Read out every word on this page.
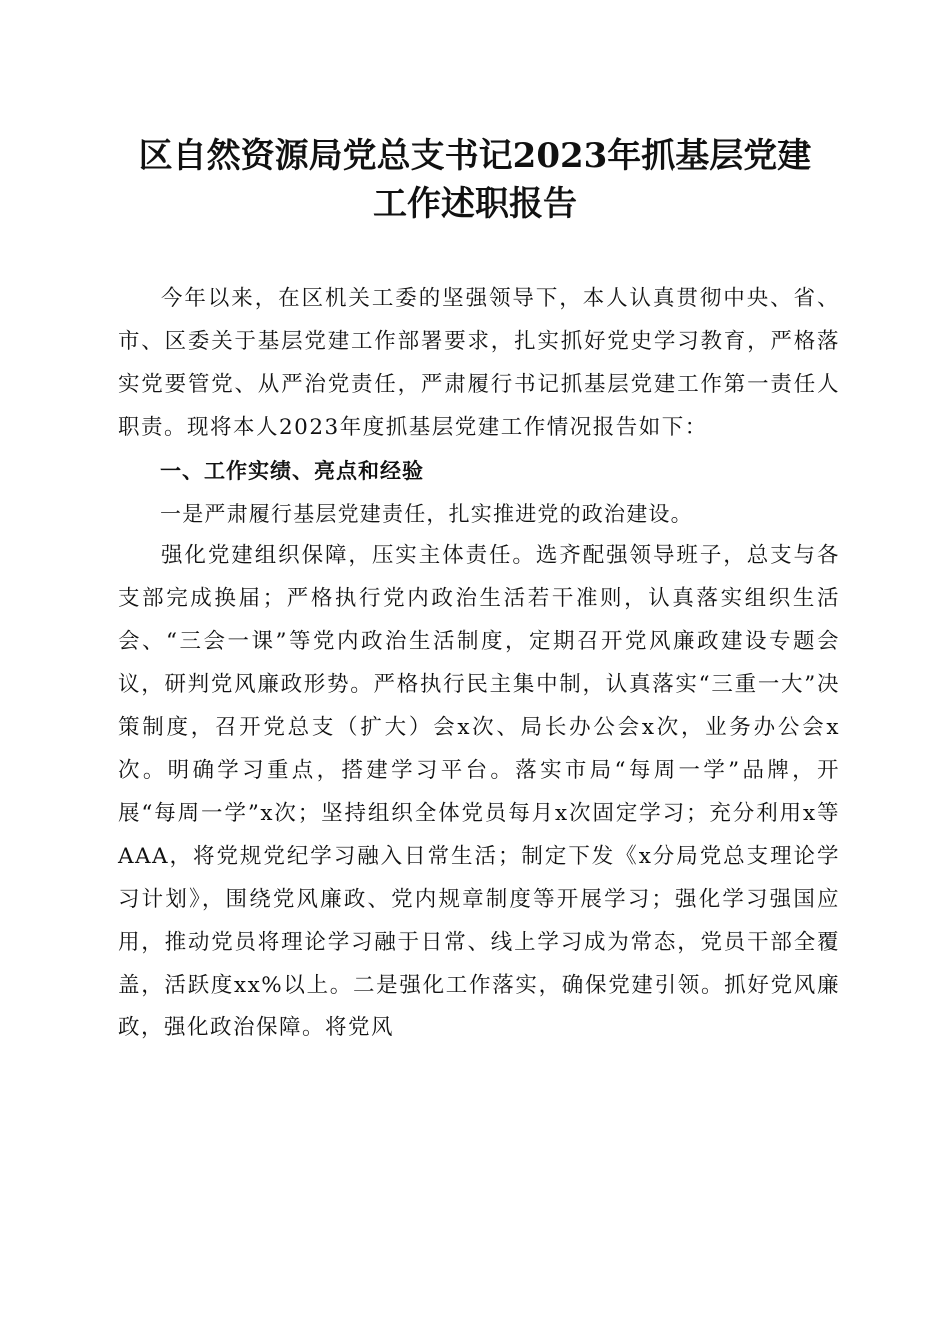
区自然资源局党总支书记2023年抓基层党建
工作述职报告

今年以来，在区机关工委的坚强领导下，本人认真贯彻中央、省、市、区委关于基层党建工作部署要求，扎实抓好党史学习教育，严格落实党要管党、从严治党责任，严肃履行书记抓基层党建工作第一责任人职责。现将本人2023年度抓基层党建工作情况报告如下：

一、工作实绩、亮点和经验

一是严肃履行基层党建责任，扎实推进党的政治建设。

强化党建组织保障，压实主体责任。选齐配强领导班子，总支与各支部完成换届；严格执行党内政治生活若干准则，认真落实组织生活会、“三会一课”等党内政治生活制度，定期召开党风廉政建设专题会议，研判党风廉政形势。严格执行民主集中制，认真落实“三重一大”决策制度，召开党总支（扩大）会x次、局长办公会x次，业务办公会x次。明确学习重点，搭建学习平台。落实市局“每周一学”品牌，开展“每周一学”x次；坚持组织全体党员每月x次固定学习；充分利用x等AAA，将党规党纪学习融入日常生活；制定下发《x分局党总支理论学习计划》，围绕党风廉政、党内规章制度等开展学习；强化学习强国应用，推动党员将理论学习融于日常、线上学习成为常态，党员干部全覆盖，活跃度xx%以上。二是强化工作落实，确保党建引领。抓好党风廉政，强化政治保障。将党风
